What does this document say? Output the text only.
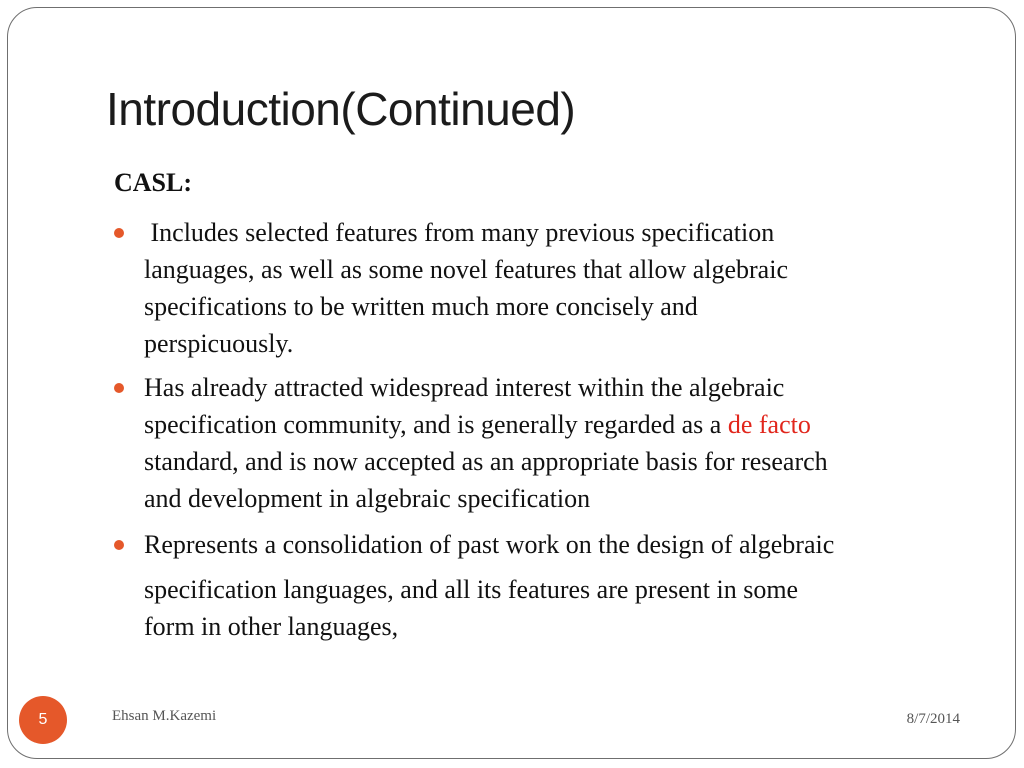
Introduction(Continued)
CASL:

Includes selected features from many previous specification
languages, as well as some novel features that allow algebraic
specifications to be written much more concisely and
perspicuously.

Has already attracted widespread interest within the algebraic
specification community, and is generally regarded as a de facto
standard, and is now accepted as an appropriate basis for research
and development in algebraic specification

Represents a consolidation of past work on the design of algebraic

specification languages, and all its features are present in some
form in other languages,

5	Ehsan M.Kazemi	8/7/2014
